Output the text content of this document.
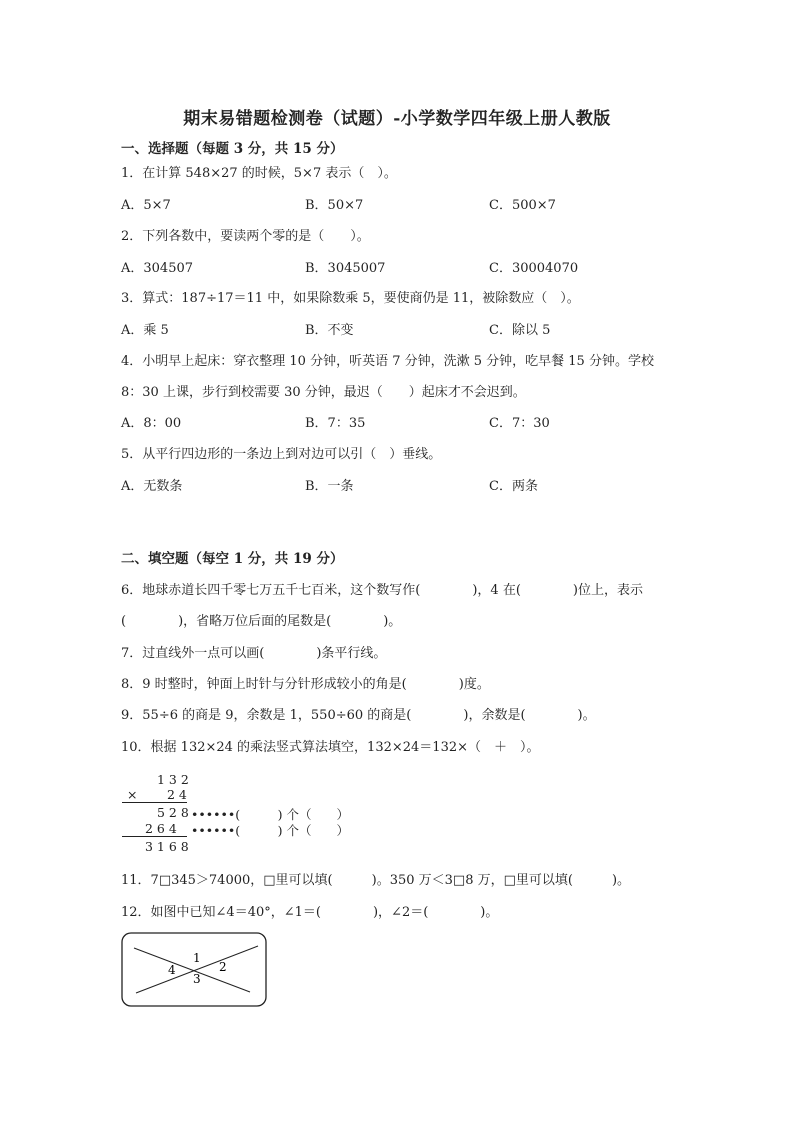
期末易错题检测卷（试题）-小学数学四年级上册人教版
一、选择题（每题 3 分，共 15 分）
1．在计算 548×27 的时候，5×7 表示（　）。
A．5×7	B．50×7	C．500×7
2．下列各数中，要读两个零的是（　　）。
A．304507	B．3045007	C．30004070
3．算式：187÷17＝11 中，如果除数乘 5，要使商仍是 11，被除数应（　）。
A．乘 5	B．不变	C．除以 5
4．小明早上起床：穿衣整理 10 分钟，听英语 7 分钟，洗漱 5 分钟，吃早餐 15 分钟。学校
8：30 上课，步行到校需要 30 分钟，最迟（　　）起床才不会迟到。
A．8：00	B．7：35	C．7：30
5．从平行四边形的一条边上到对边可以引（　）垂线。
A．无数条	B．一条	C．两条
二、填空题（每空 1 分，共 19 分）
6．地球赤道长四千零七万五千七百米，这个数写作(　　　　)，4 在(　　　　)位上，表示
(　　　　)，省略万位后面的尾数是(　　　　)。
7．过直线外一点可以画(　　　　)条平行线。
8．9 时整时，钟面上时针与分针形成较小的角是(　　　　)度。
9．55÷6 的商是 9，余数是 1，550÷60 的商是(　　　　)，余数是(　　　　)。
10．根据 132×24 的乘法竖式算法填空，132×24＝132×（　＋　）。
1 3 2
× 2 4
5 2 8 ••••••(　　　) 个（　　）
2 6 4 ••••••(　　　) 个（　　）
3 1 6 8
11．7□345＞74000，□里可以填(　　　)。350 万＜3□8 万，□里可以填(　　　)。
12．如图中已知∠4＝40°，∠1＝(　　　　)，∠2＝(　　　　)。
1
2
3
4
